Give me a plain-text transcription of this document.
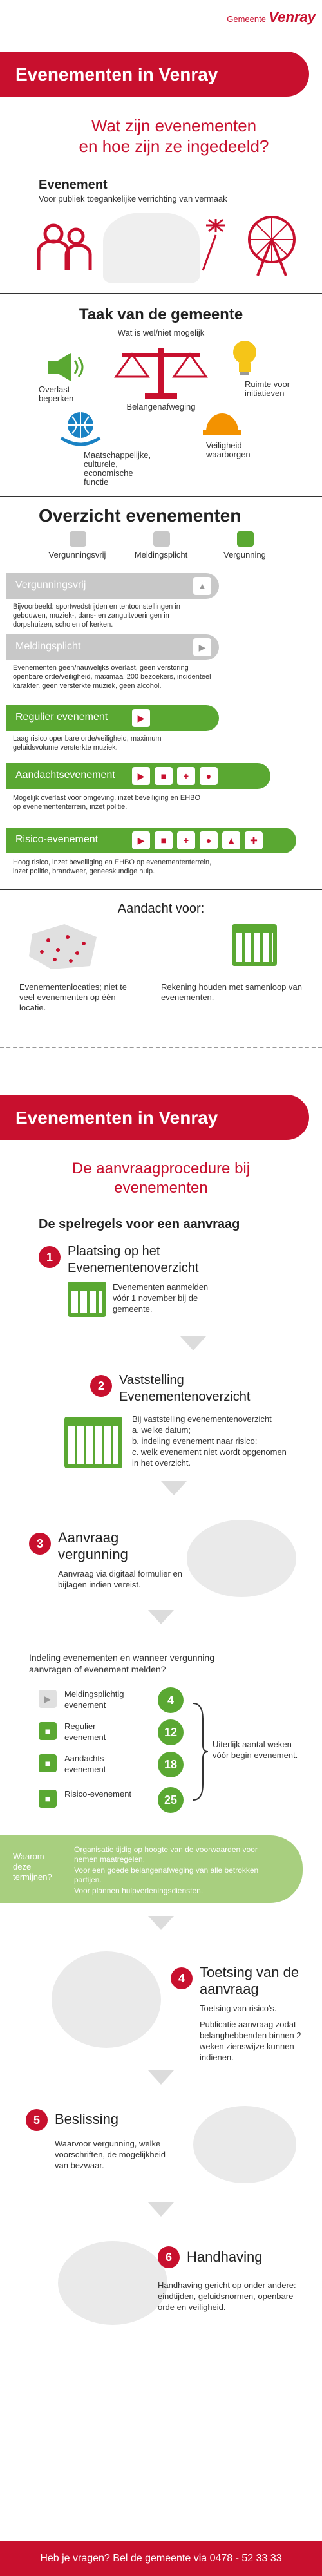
Gemeente Venray
Evenementen in Venray
Wat zijn evenementen
en hoe zijn ze ingedeeld?
Evenement
Voor publiek toegankelijke verrichting van vermaak
Taak van de gemeente
Wat is wel/niet mogelijk
Belangenafweging
Overlast beperken
Ruimte voor initiatieven
Maatschappelijke, culturele, economische functie
Veiligheid waarborgen
Overzicht evenementen
Vergunningsvrij	Meldingsplicht	Vergunning
Vergunningsvrij	▲
Bijvoorbeeld: sportwedstrijden en tentoonstellingen in gebouwen, muziek-, dans- en zanguitvoeringen in dorpshuizen, scholen of kerken.
Meldingsplicht	▶
Evenementen geen/nauwelijks overlast, geen verstoring openbare orde/veiligheid, maximaal 200 bezoekers, incidenteel karakter, geen versterkte muziek, geen alcohol.
Regulier evenement	▶
Laag risico openbare orde/veiligheid, maximum geluidsvolume versterkte muziek.
Aandachtsevenement	▶	■	+	●
Mogelijk overlast voor omgeving, inzet beveiliging en EHBO op evenemententerrein, inzet politie.
Risico-evenement	▶	■	+	●	▲	✚
Hoog risico, inzet beveiliging en EHBO op evenemententerrein, inzet politie, brandweer, geneeskundige hulp.
Aandacht voor:
Evenementenlocaties; niet te veel evenementen op één locatie.
Rekening houden met samenloop van evenementen.
Evenementen in Venray
De aanvraagprocedure bij
evenementen
De spelregels voor een aanvraag
1	Plaatsing op het Evenementenoverzicht
Evenementen aanmelden vóór 1 november bij de gemeente.
2	Vaststelling Evenementenoverzicht
Bij vaststelling evenementenoverzicht
a. welke datum;
b. indeling evenement naar risico;
c. welk evenement niet wordt opgenomen in het overzicht.
3	Aanvraag vergunning
Aanvraag via digitaal formulier en bijlagen indien vereist.
Indeling evenementen en wanneer vergunning aanvragen of evenement melden?
▶	Meldingsplichtig evenement	4
■	Regulier evenement	12
■	Aandachts-evenement	18
■	Risico-evenement	25
Uiterlijk aantal weken vóór begin evenement.
Waarom deze termijnen?
Organisatie tijdig op hoogte van de voorwaarden voor nemen maatregelen.
Voor een goede belangenafweging van alle betrokken partijen.
Voor plannen hulpverleningsdiensten.
4	Toetsing van de aanvraag
Toetsing van risico's.
Publicatie aanvraag zodat belanghebbenden binnen 2 weken zienswijze kunnen indienen.
5	Beslissing
Waarvoor vergunning, welke voorschriften, de mogelijkheid van bezwaar.
6	Handhaving
Handhaving gericht op onder andere: eindtijden, geluidsnormen, openbare orde en veiligheid.
Heb je vragen? Bel de gemeente via 0478 - 52 33 33
